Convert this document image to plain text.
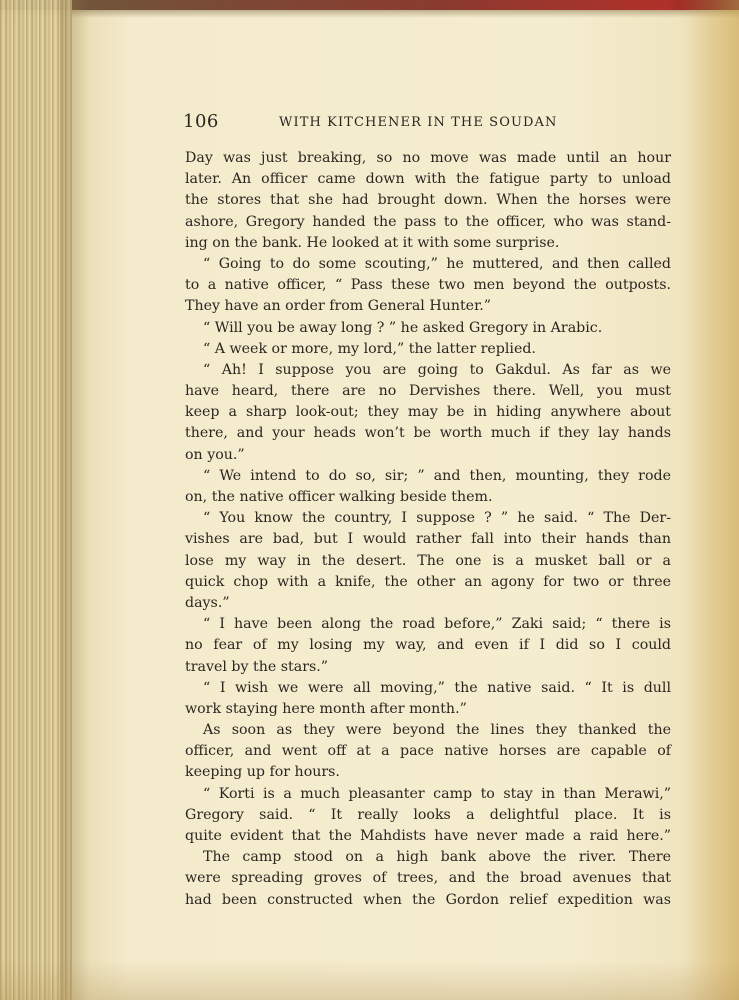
106	WITH KITCHENER IN THE SOUDAN
Day was just breaking, so no move was made until an hour
later. An officer came down with the fatigue party to unload
the stores that she had brought down. When the horses were
ashore, Gregory handed the pass to the officer, who was stand-
ing on the bank. He looked at it with some surprise.
“ Going to do some scouting,” he muttered, and then called
to a native officer, “ Pass these two men beyond the outposts.
They have an order from General Hunter.”
“ Will you be away long ? ” he asked Gregory in Arabic.
“ A week or more, my lord,” the latter replied.
“ Ah! I suppose you are going to Gakdul. As far as we
have heard, there are no Dervishes there. Well, you must
keep a sharp look-out; they may be in hiding anywhere about
there, and your heads won’t be worth much if they lay hands
on you.”
“ We intend to do so, sir; ” and then, mounting, they rode
on, the native officer walking beside them.
“ You know the country, I suppose ? ” he said. “ The Der-
vishes are bad, but I would rather fall into their hands than
lose my way in the desert. The one is a musket ball or a
quick chop with a knife, the other an agony for two or three
days.”
“ I have been along the road before,” Zaki said; “ there is
no fear of my losing my way, and even if I did so I could
travel by the stars.”
“ I wish we were all moving,” the native said. “ It is dull
work staying here month after month.”
As soon as they were beyond the lines they thanked the
officer, and went off at a pace native horses are capable of
keeping up for hours.
“ Korti is a much pleasanter camp to stay in than Merawi,”
Gregory said. “ It really looks a delightful place. It is
quite evident that the Mahdists have never made a raid here.”
The camp stood on a high bank above the river. There
were spreading groves of trees, and the broad avenues that
had been constructed when the Gordon relief expedition was
